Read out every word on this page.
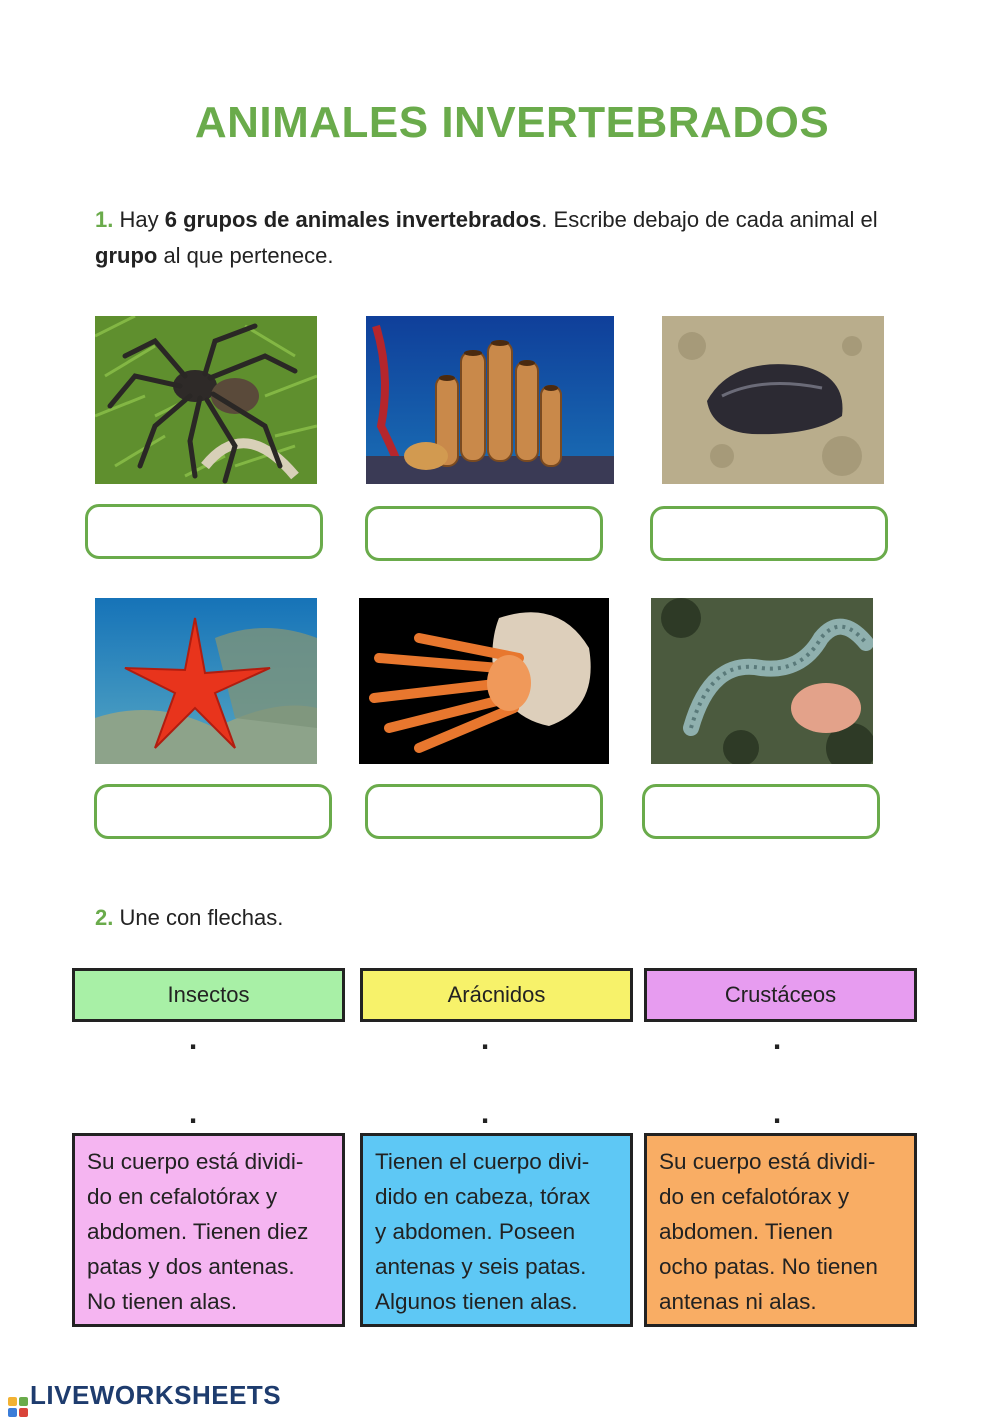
ANIMALES INVERTEBRADOS
1. Hay 6 grupos de animales invertebrados. Escribe debajo de cada animal el grupo al que pertenece.
2. Une con flechas.
Insectos	Arácnidos	Crustáceos
.	.	.
.	.	.
Su cuerpo está dividi-
do en cefalotórax y
abdomen. Tienen diez
patas y dos antenas.
No tienen alas.
Tienen el cuerpo divi-
dido en cabeza, tórax
y abdomen. Poseen
antenas y seis patas.
Algunos tienen alas.
Su cuerpo está dividi-
do en cefalotórax y
abdomen. Tienen
ocho patas. No tienen
antenas ni alas.
LIVEWORKSHEETS
